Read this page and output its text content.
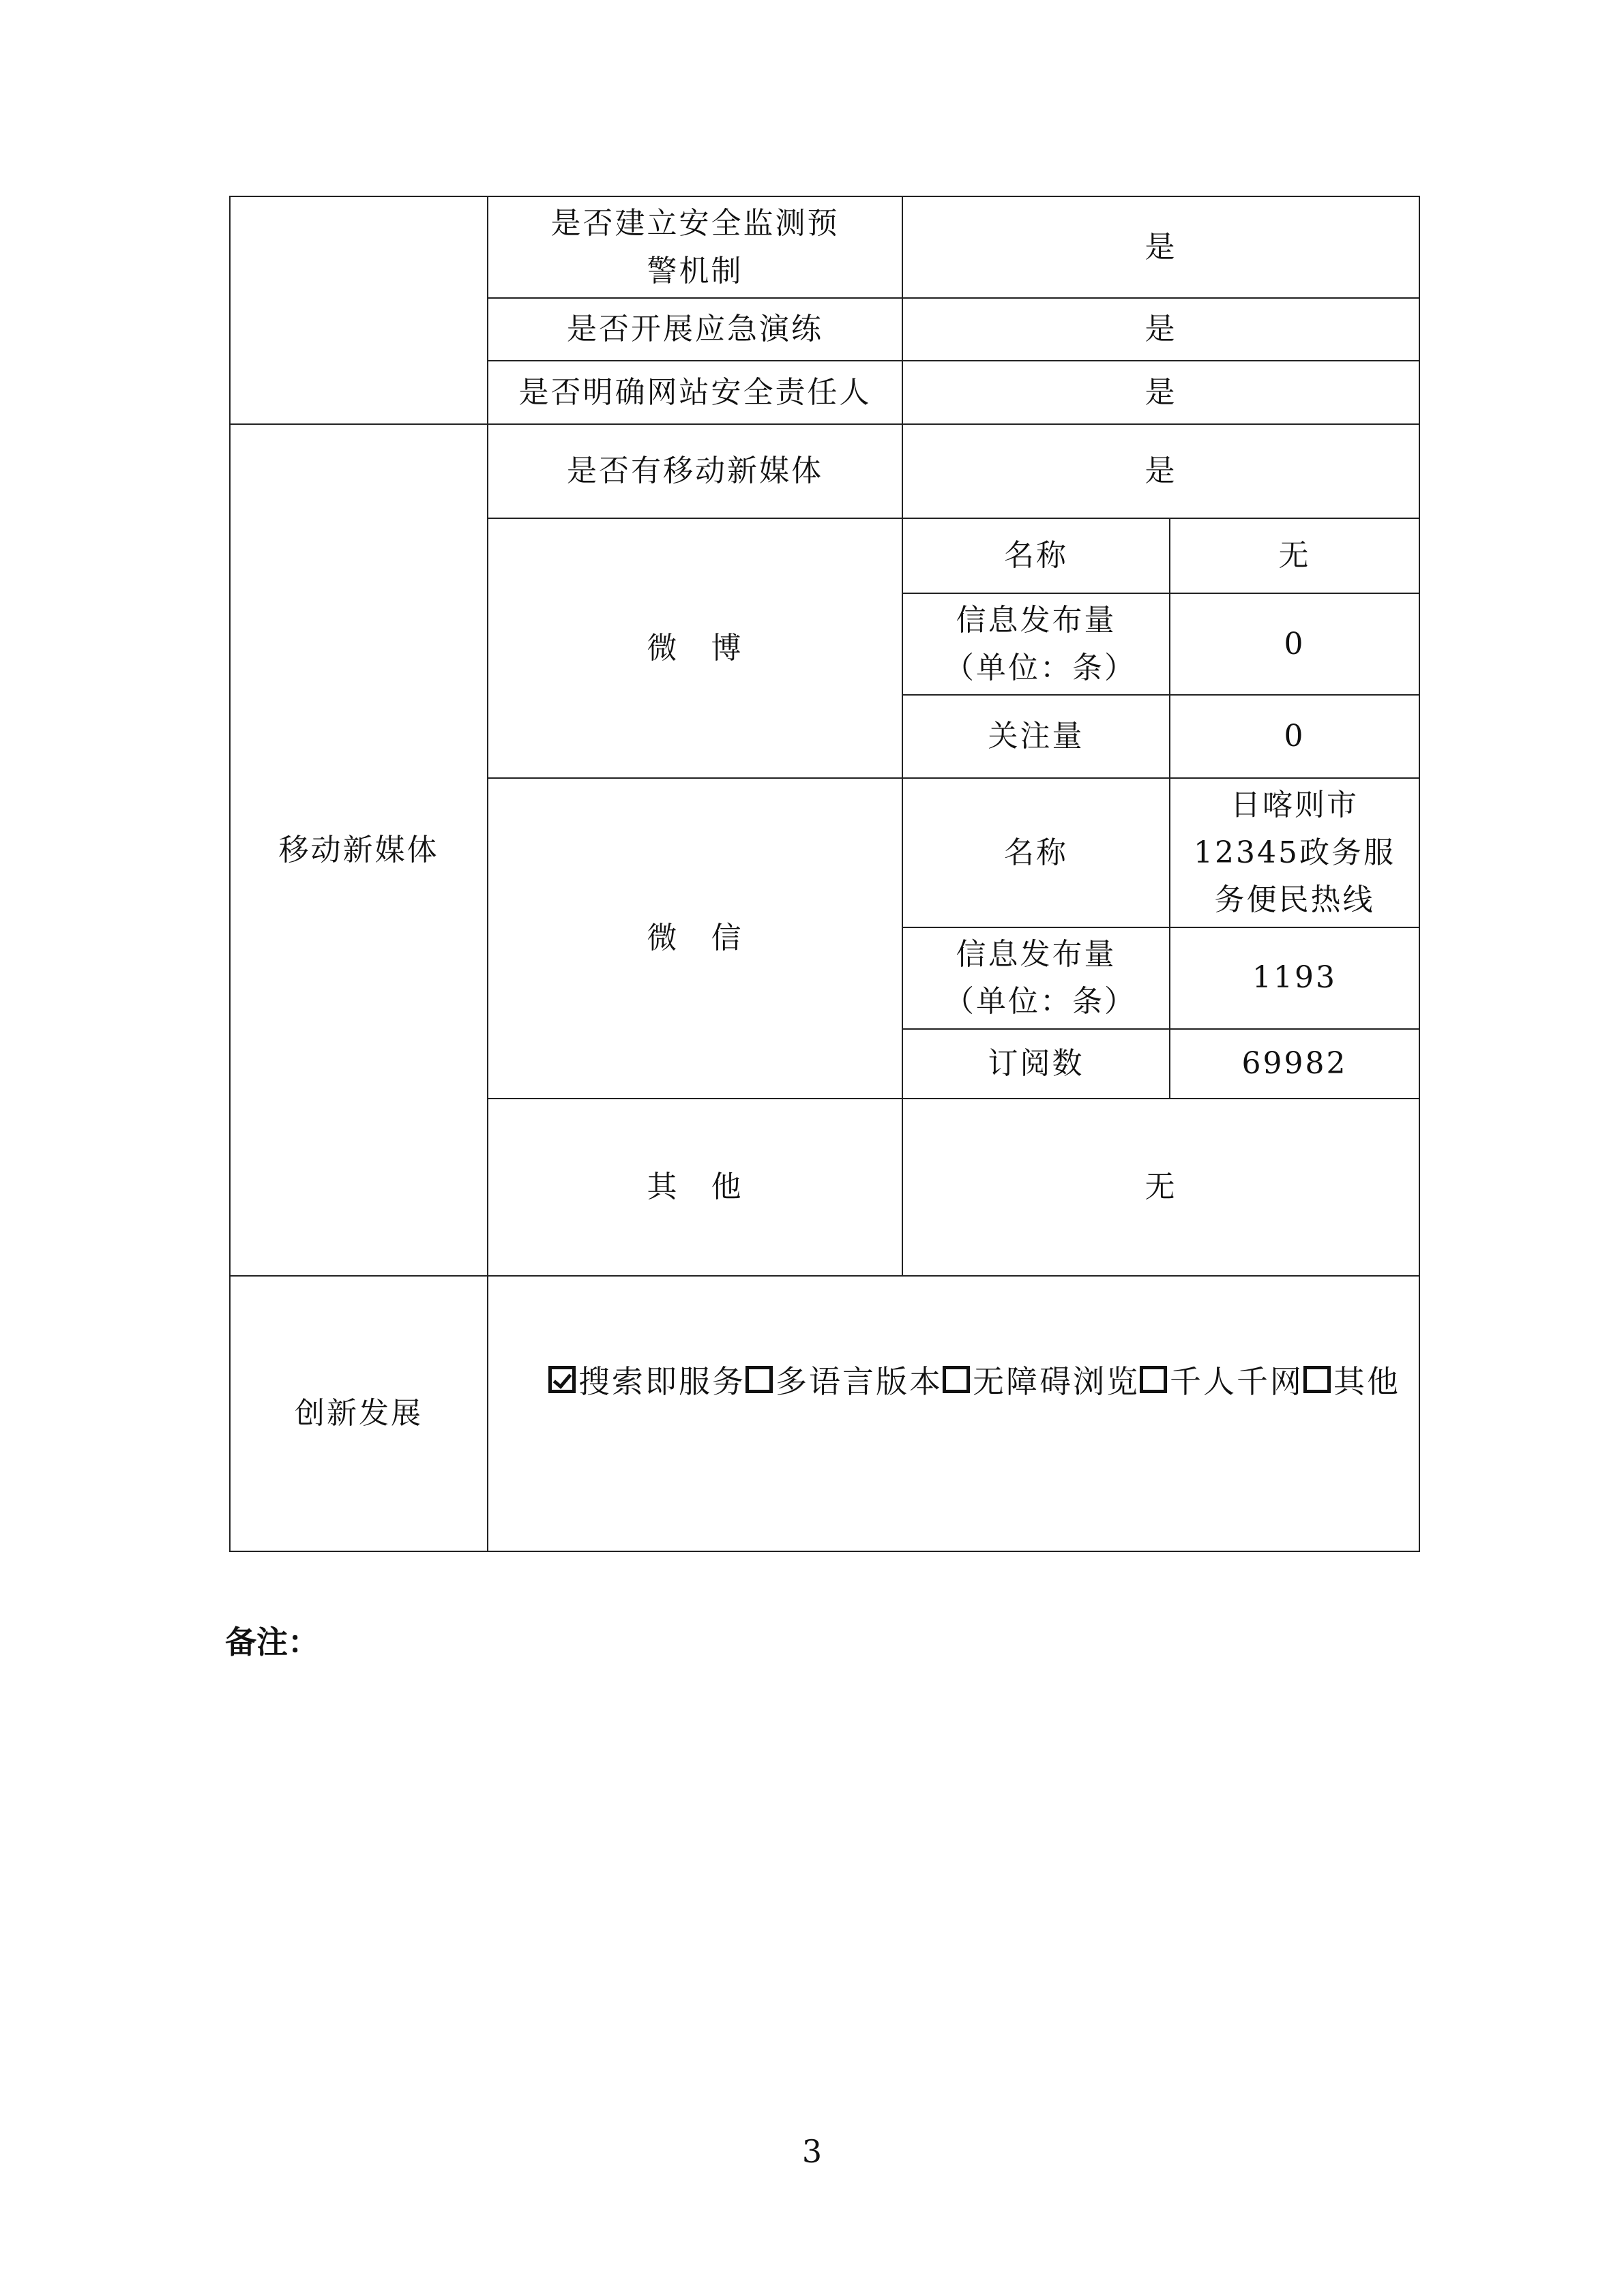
	是否建立安全监测预警机制	是	
	是否开展应急演练	是	
	是否明确网站安全责任人	是	
移动新媒体	是否有移动新媒体	是	
	微　博	名称	无
		信息发布量（单位：条）	0
		关注量	0
	微　信	名称	日喀则市12345政务服务便民热线
		信息发布量（单位：条）	1193
		订阅数	69982
	其　他	无	
创新发展			
搜索即服务 多语言版本 无障碍浏览 千人千网 其他
备注：
3
